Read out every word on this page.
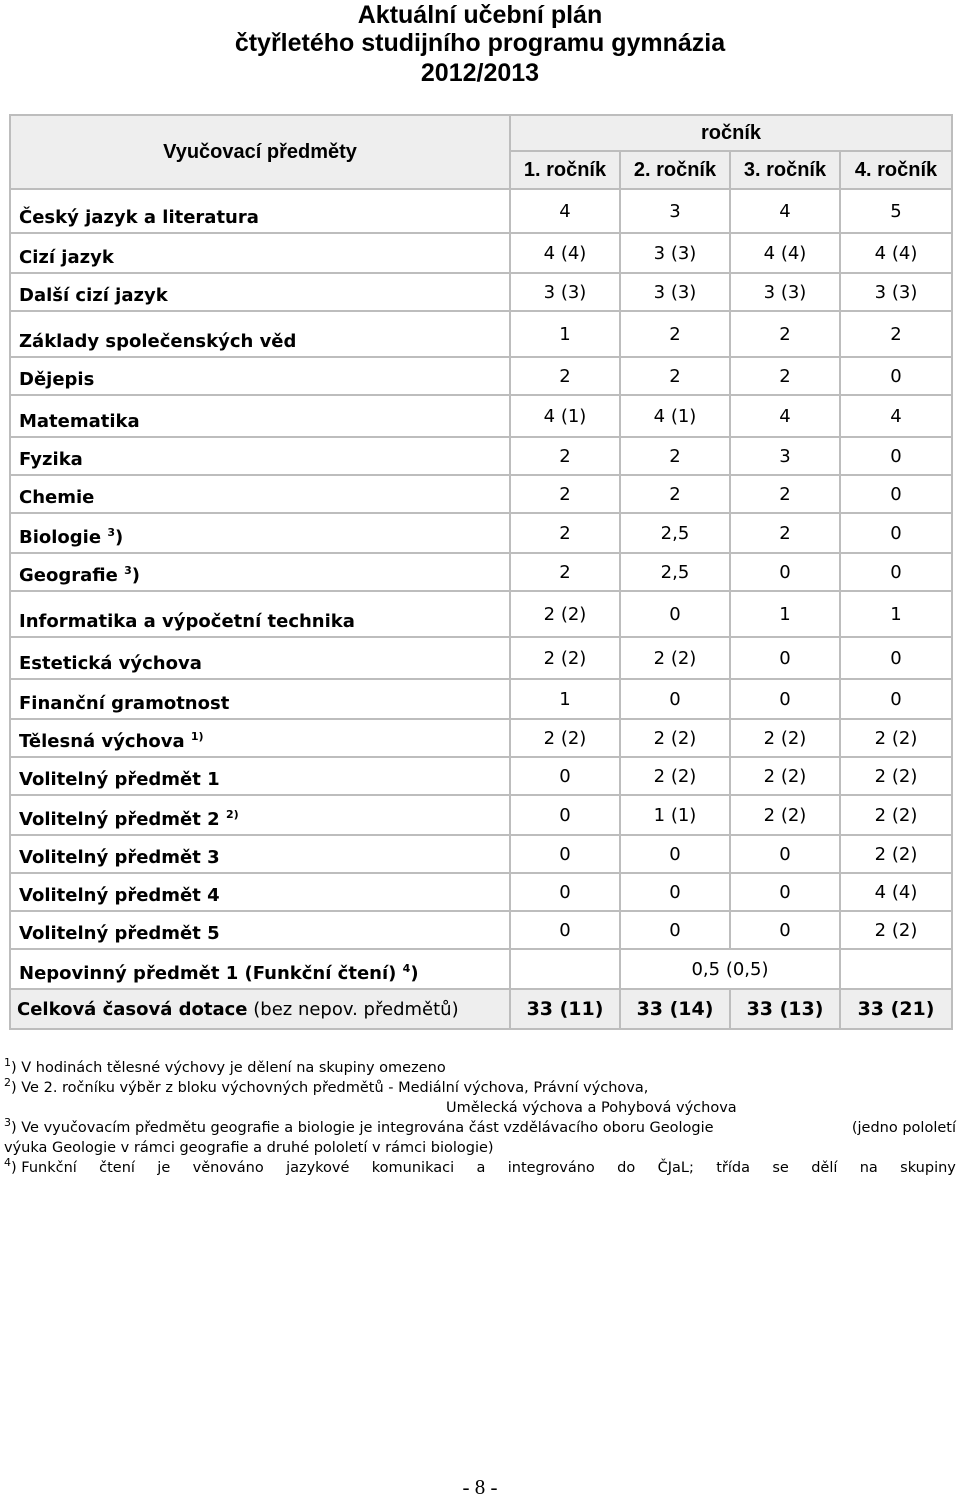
Aktuální učební plán
čtyřletého studijního programu gymnázia
2012/2013
Vyučovací předměty	ročník			
	1. ročník	2. ročník	3. ročník	4. ročník
Český jazyk a literatura	4	3	4	5
Cizí jazyk	4 (4)	3 (3)	4 (4)	4 (4)
Další cizí jazyk	3 (3)	3 (3)	3 (3)	3 (3)
Základy společenských věd	1	2	2	2
Dějepis	2	2	2	0
Matematika	4 (1)	4 (1)	4	4
Fyzika	2	2	3	0
Chemie	2	2	2	0
Biologie $^3$)	2	2,5	2	0
Geografie $^3$)	2	2,5	0	0
Informatika a výpočetní technika	2 (2)	0	1	1
Estetická výchova	2 (2)	2 (2)	0	0
Finanční gramotnost	1	0	0	0
Tělesná výchova $^{1)}$	2 (2)	2 (2)	2 (2)	2 (2)
Volitelný předmět 1	0	2 (2)	2 (2)	2 (2)
Volitelný předmět 2 $^{2)}$	0	1 (1)	2 (2)	2 (2)
Volitelný předmět 3	0	0	0	2 (2)
Volitelný předmět 4	0	0	0	4 (4)
Volitelný předmět 5	0	0	0	2 (2)
Nepovinný předmět 1 (Funkční čtení) $^4$)		0,5 (0,5)		
Celková časová dotace (bez nepov. předmětů)	33 (11)	33 (14)	33 (13)	33 (21)
$^1$) V hodinách tělesné výchovy je dělení na skupiny omezeno
$^2$) Ve 2. ročníku výběr z bloku výchovných předmětů - Mediální výchova, Právní výchova,
Umělecká výchova a Pohybová výchova
$^3$) Ve vyučovacím předmětu geografie a biologie je integrována část vzdělávacího oboru Geologie	(jedno pololetí
výuka Geologie v rámci geografie a druhé pololetí v rámci biologie)
$^4$) Funkční čtení je věnováno jazykové komunikaci a integrováno do ČJaL; třída se dělí na skupiny
- 8 -
